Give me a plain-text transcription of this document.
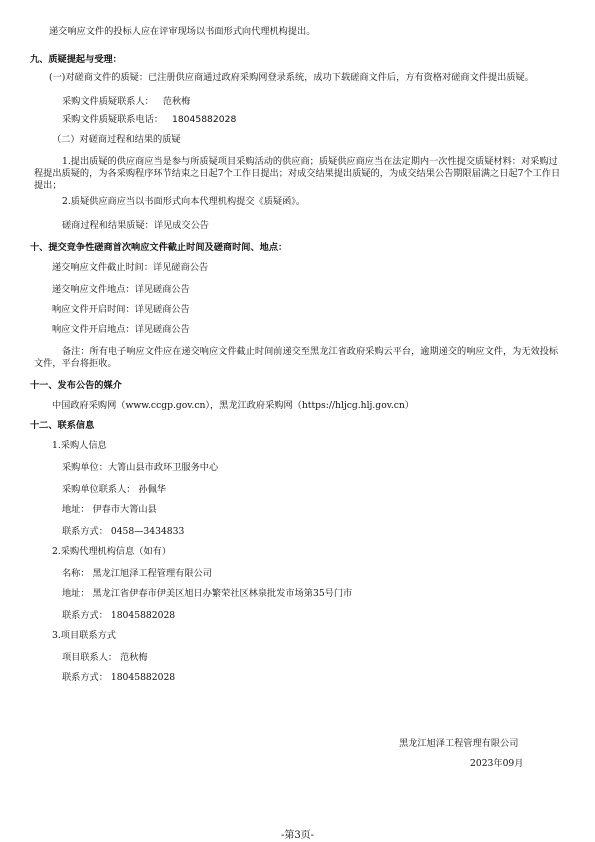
递交响应文件的投标人应在评审现场以书面形式向代理机构提出。
九、质疑提起与受理：
(一)对磋商文件的质疑：已注册供应商通过政府采购网登录系统，成功下载磋商文件后，方有资格对磋商文件提出质疑。
采购文件质疑联系人： 范秋梅
采购文件质疑联系电话： 18045882028
（二）对磋商过程和结果的质疑
1.提出质疑的供应商应当是参与所质疑项目采购活动的供应商；质疑供应商应当在法定期内一次性提交质疑材料：对采购过程提出质疑的，为各采购程序环节结束之日起7个工作日提出；对成交结果提出质疑的，为成交结果公告期限届满之日起7个工作日提出；
2.质疑供应商应当以书面形式向本代理机构提交《质疑函》。
磋商过程和结果质疑：详见成交公告
十、提交竞争性磋商首次响应文件截止时间及磋商时间、地点：
递交响应文件截止时间：详见磋商公告
递交响应文件地点：详见磋商公告
响应文件开启时间：详见磋商公告
响应文件开启地点：详见磋商公告
备注：所有电子响应文件应在递交响应文件截止时间前递交至黑龙江省政府采购云平台，逾期递交的响应文件，为无效投标文件，平台将拒收。
十一、发布公告的媒介
中国政府采购网（www.ccgp.gov.cn），黑龙江政府采购网（https://hljcg.hlj.gov.cn）
十二、联系信息
1.采购人信息
采购单位：大箐山县市政环卫服务中心
采购单位联系人： 孙佩华
地址： 伊春市大箐山县
联系方式： 0458—3434833
2.采购代理机构信息（如有）
名称： 黑龙江旭泽工程管理有限公司
地址： 黑龙江省伊春市伊美区旭日办繁荣社区林泉批发市场第35号门市
联系方式： 18045882028
3.项目联系方式
项目联系人： 范秋梅
联系方式： 18045882028
黑龙江旭泽工程管理有限公司
2023年09月
-第3页-
